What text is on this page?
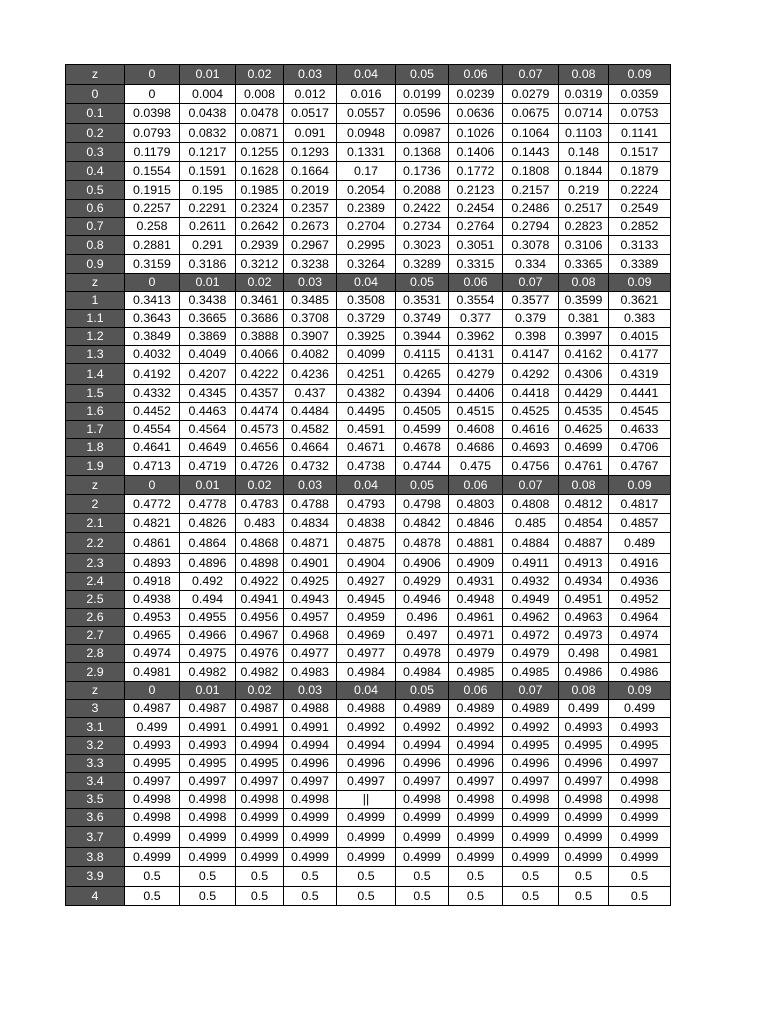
z	0	0.01	0.02	0.03	0.04	0.05	0.06	0.07	0.08	0.09
0	0	0.004	0.008	0.012	0.016	0.0199	0.0239	0.0279	0.0319	0.0359
0.1	0.0398	0.0438	0.0478	0.0517	0.0557	0.0596	0.0636	0.0675	0.0714	0.0753
0.2	0.0793	0.0832	0.0871	0.091	0.0948	0.0987	0.1026	0.1064	0.1103	0.1141
0.3	0.1179	0.1217	0.1255	0.1293	0.1331	0.1368	0.1406	0.1443	0.148	0.1517
0.4	0.1554	0.1591	0.1628	0.1664	0.17	0.1736	0.1772	0.1808	0.1844	0.1879
0.5	0.1915	0.195	0.1985	0.2019	0.2054	0.2088	0.2123	0.2157	0.219	0.2224
0.6	0.2257	0.2291	0.2324	0.2357	0.2389	0.2422	0.2454	0.2486	0.2517	0.2549
0.7	0.258	0.2611	0.2642	0.2673	0.2704	0.2734	0.2764	0.2794	0.2823	0.2852
0.8	0.2881	0.291	0.2939	0.2967	0.2995	0.3023	0.3051	0.3078	0.3106	0.3133
0.9	0.3159	0.3186	0.3212	0.3238	0.3264	0.3289	0.3315	0.334	0.3365	0.3389
z	0	0.01	0.02	0.03	0.04	0.05	0.06	0.07	0.08	0.09
1	0.3413	0.3438	0.3461	0.3485	0.3508	0.3531	0.3554	0.3577	0.3599	0.3621
1.1	0.3643	0.3665	0.3686	0.3708	0.3729	0.3749	0.377	0.379	0.381	0.383
1.2	0.3849	0.3869	0.3888	0.3907	0.3925	0.3944	0.3962	0.398	0.3997	0.4015
1.3	0.4032	0.4049	0.4066	0.4082	0.4099	0.4115	0.4131	0.4147	0.4162	0.4177
1.4	0.4192	0.4207	0.4222	0.4236	0.4251	0.4265	0.4279	0.4292	0.4306	0.4319
1.5	0.4332	0.4345	0.4357	0.437	0.4382	0.4394	0.4406	0.4418	0.4429	0.4441
1.6	0.4452	0.4463	0.4474	0.4484	0.4495	0.4505	0.4515	0.4525	0.4535	0.4545
1.7	0.4554	0.4564	0.4573	0.4582	0.4591	0.4599	0.4608	0.4616	0.4625	0.4633
1.8	0.4641	0.4649	0.4656	0.4664	0.4671	0.4678	0.4686	0.4693	0.4699	0.4706
1.9	0.4713	0.4719	0.4726	0.4732	0.4738	0.4744	0.475	0.4756	0.4761	0.4767
z	0	0.01	0.02	0.03	0.04	0.05	0.06	0.07	0.08	0.09
2	0.4772	0.4778	0.4783	0.4788	0.4793	0.4798	0.4803	0.4808	0.4812	0.4817
2.1	0.4821	0.4826	0.483	0.4834	0.4838	0.4842	0.4846	0.485	0.4854	0.4857
2.2	0.4861	0.4864	0.4868	0.4871	0.4875	0.4878	0.4881	0.4884	0.4887	0.489
2.3	0.4893	0.4896	0.4898	0.4901	0.4904	0.4906	0.4909	0.4911	0.4913	0.4916
2.4	0.4918	0.492	0.4922	0.4925	0.4927	0.4929	0.4931	0.4932	0.4934	0.4936
2.5	0.4938	0.494	0.4941	0.4943	0.4945	0.4946	0.4948	0.4949	0.4951	0.4952
2.6	0.4953	0.4955	0.4956	0.4957	0.4959	0.496	0.4961	0.4962	0.4963	0.4964
2.7	0.4965	0.4966	0.4967	0.4968	0.4969	0.497	0.4971	0.4972	0.4973	0.4974
2.8	0.4974	0.4975	0.4976	0.4977	0.4977	0.4978	0.4979	0.4979	0.498	0.4981
2.9	0.4981	0.4982	0.4982	0.4983	0.4984	0.4984	0.4985	0.4985	0.4986	0.4986
z	0	0.01	0.02	0.03	0.04	0.05	0.06	0.07	0.08	0.09
3	0.4987	0.4987	0.4987	0.4988	0.4988	0.4989	0.4989	0.4989	0.499	0.499
3.1	0.499	0.4991	0.4991	0.4991	0.4992	0.4992	0.4992	0.4992	0.4993	0.4993
3.2	0.4993	0.4993	0.4994	0.4994	0.4994	0.4994	0.4994	0.4995	0.4995	0.4995
3.3	0.4995	0.4995	0.4995	0.4996	0.4996	0.4996	0.4996	0.4996	0.4996	0.4997
3.4	0.4997	0.4997	0.4997	0.4997	0.4997	0.4997	0.4997	0.4997	0.4997	0.4998
3.5	0.4998	0.4998	0.4998	0.4998	||	0.4998	0.4998	0.4998	0.4998	0.4998
3.6	0.4998	0.4998	0.4999	0.4999	0.4999	0.4999	0.4999	0.4999	0.4999	0.4999
3.7	0.4999	0.4999	0.4999	0.4999	0.4999	0.4999	0.4999	0.4999	0.4999	0.4999
3.8	0.4999	0.4999	0.4999	0.4999	0.4999	0.4999	0.4999	0.4999	0.4999	0.4999
3.9	0.5	0.5	0.5	0.5	0.5	0.5	0.5	0.5	0.5	0.5
4	0.5	0.5	0.5	0.5	0.5	0.5	0.5	0.5	0.5	0.5
